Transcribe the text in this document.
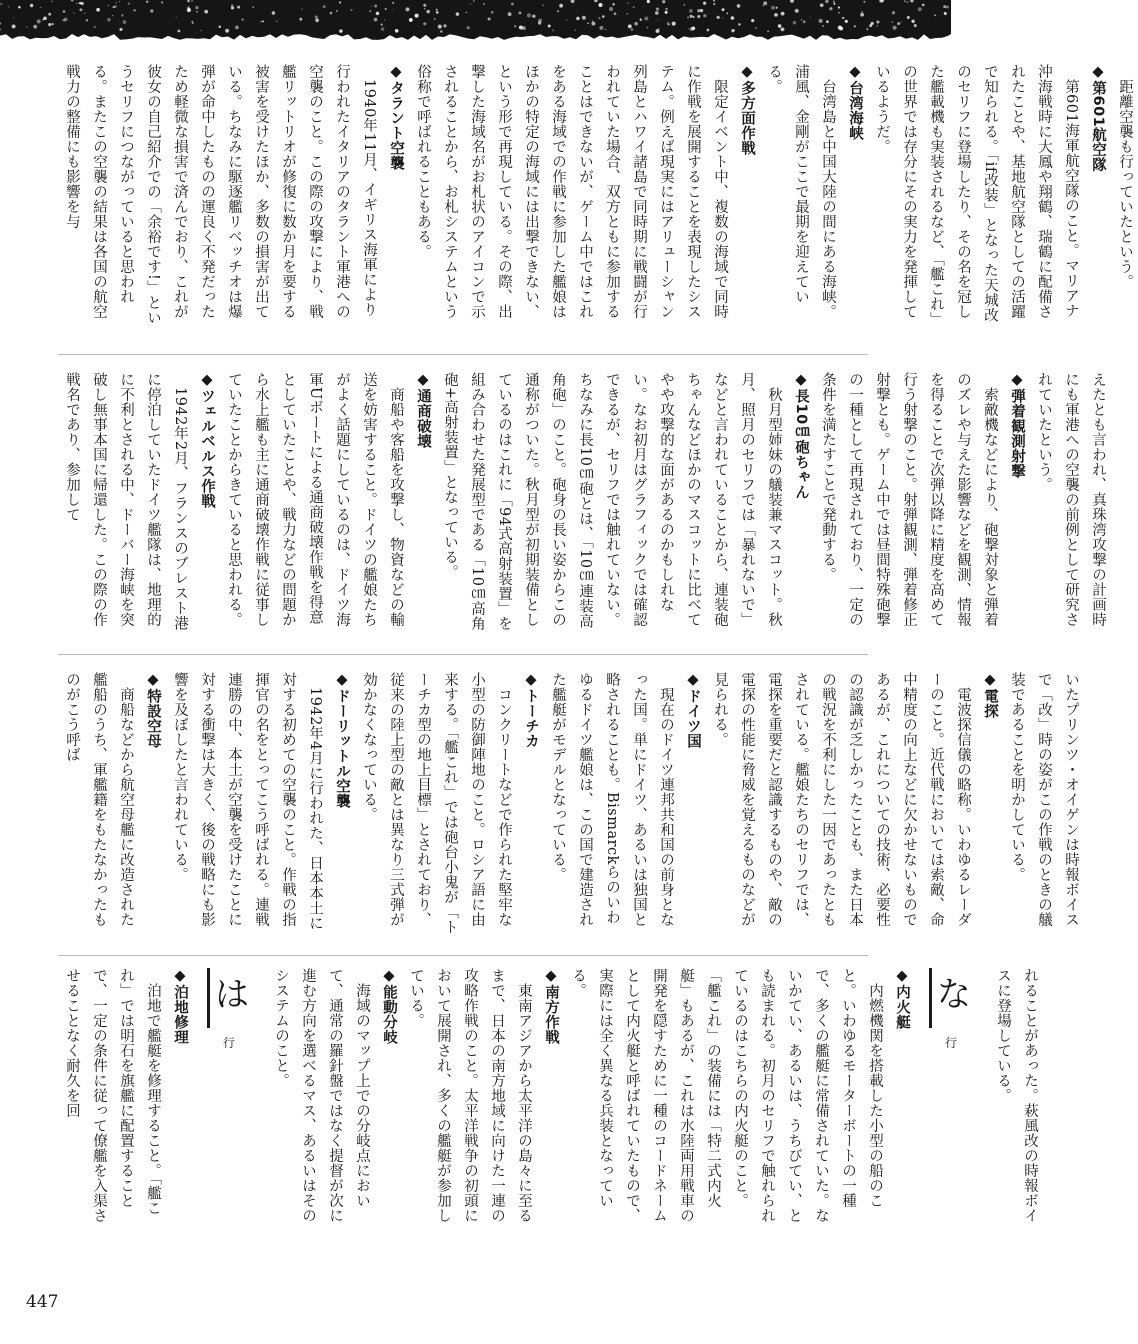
距離空襲も行っていたという。

◆第601航空隊

第601海軍航空隊のこと。マリアナ沖海戦時に大鳳や翔鶴、瑞鶴に配備されたことや、基地航空隊としての活躍で知られる。「if改装」となった天城改のセリフに登場したり、その名を冠した艦載機も実装されるなど、「艦これ」の世界では存分にその実力を発揮しているようだ。

◆台湾海峡

台湾島と中国大陸の間にある海峡。浦風、金剛がここで最期を迎えている。

◆多方面作戦

限定イベント中、複数の海域で同時に作戦を展開することを表現したシステム。例えば現実にはアリューシャン列島とハワイ諸島で同時期に戦闘が行われていた場合、双方ともに参加することはできないが、ゲーム中ではこれをある海域での作戦に参加した艦娘はほかの特定の海域には出撃できない、という形で再現している。その際、出撃した海域名がお札状のアイコンで示されることから、お札システムという俗称で呼ばれることもある。

◆タラント空襲

1940年11月、イギリス海軍により行われたイタリアのタラント軍港への空襲のこと。この際の攻撃により、戦艦リットリオが修復に数か月を要する被害を受けたほか、多数の損害が出ている。ちなみに駆逐艦リベッチオは爆弾が命中したものの運良く不発だったため軽微な損害で済んでおり、これが彼女の自己紹介での「余裕です!」というセリフにつながっていると思われる。またこの空襲の結果は各国の航空戦力の整備にも影響を与

えたとも言われ、真珠湾攻撃の計画時にも軍港への空襲の前例として研究されていたという。

◆弾着観測射撃

索敵機などにより、砲撃対象と弾着のズレや与えた影響などを観測、情報を得ることで次弾以降に精度を高めて行う射撃のこと。射弾観測、弾着修正射撃とも。ゲーム中では昼間特殊砲撃の一種として再現されており、一定の条件を満たすことで発動する。

◆長10㎝砲ちゃん

秋月型姉妹の艤装兼マスコット。秋月、照月のセリフでは「暴れないで」などと言われていることから、連装砲ちゃんなどほかのマスコットに比べてやや攻撃的な面があるのかもしれない。なお初月はグラフィックでは確認できるが、セリフでは触れていない。ちなみに長10㎝砲とは、「10㎝連装高角砲」のこと。砲身の長い姿からこの通称がついた。秋月型が初期装備としているのはこれに「94式高射装置」を組み合わせた発展型である「10㎝高角砲+高射装置」となっている。

◆通商破壊

商船や客船を攻撃し、物資などの輸送を妨害すること。ドイツの艦娘たちがよく話題にしているのは、ドイツ海軍Uボートによる通商破壊作戦を得意としていたことや、戦力などの問題から水上艦も主に通商破壊作戦に従事していたことからきていると思われる。

◆ツェルベルス作戦

1942年2月、フランスのブレスト港に停泊していたドイツ艦隊は、地理的に不利とされる中、ドーバー海峡を突破し無事本国に帰還した。この際の作戦名であり、参加して

いたプリンツ・オイゲンは時報ボイスで「改」時の姿がこの作戦のときの艤装であることを明かしている。

◆電探

電波探信儀の略称。いわゆるレーダーのこと。近代戦においては索敵、命中精度の向上などに欠かせないものであるが、これについての技術、必要性の認識が乏しかったことも、また日本の戦況を不利にした一因であったともされている。艦娘たちのセリフでは、電探を重要だと認識するものや、敵の電探の性能に脅威を覚えるものなどが見られる。

◆ドイツ国

現在のドイツ連邦共和国の前身となった国。単にドイツ、あるいは独国と略されることも。Bismarckらのいわゆるドイツ艦娘は、この国で建造された艦艇がモデルとなっている。

◆トーチカ

コンクリートなどで作られた堅牢な小型の防御陣地のこと。ロシア語に由来する。「艦これ」では砲台小鬼が「トーチカ型の地上目標」とされており、従来の陸上型の敵とは異なり三式弾が効かなくなっている。

◆ドーリットル空襲

1942年4月に行われた、日本本土に対する初めての空襲のこと。作戦の指揮官の名をとってこう呼ばれる。連戦連勝の中、本土が空襲を受けたことに対する衝撃は大きく、後の戦略にも影響を及ぼしたと言われている。

◆特設空母

商船などから航空母艦に改造された艦船のうち、軍艦籍をもたなかったものがこう呼ば

れることがあった。萩風改の時報ボイスに登場している。

な
行

◆内火艇

内燃機関を搭載した小型の船のこと。いわゆるモーターボートの一種で、多くの艦艇に常備されていた。ないかてい、あるいは、うちびてい、とも読まれる。初月のセリフで触れられているのはこちらの内火艇のこと。「艦これ」の装備には「特二式内火艇」もあるが、これは水陸両用戦車の開発を隠すために一種のコードネームとして内火艇と呼ばれていたもので、実際には全く異なる兵装となっている。

◆南方作戦

東南アジアから太平洋の島々に至るまで、日本の南方地域に向けた一連の攻略作戦のこと。太平洋戦争の初頭において展開され、多くの艦艇が参加している。

◆能動分岐

海域のマップ上での分岐点において、通常の羅針盤ではなく提督が次に進む方向を選べるマス、あるいはそのシステムのこと。

は
行

◆泊地修理

泊地で艦艇を修理すること。「艦これ」では明石を旗艦に配置することで、一定の条件に従って僚艦を入渠させることなく耐久を回

447
